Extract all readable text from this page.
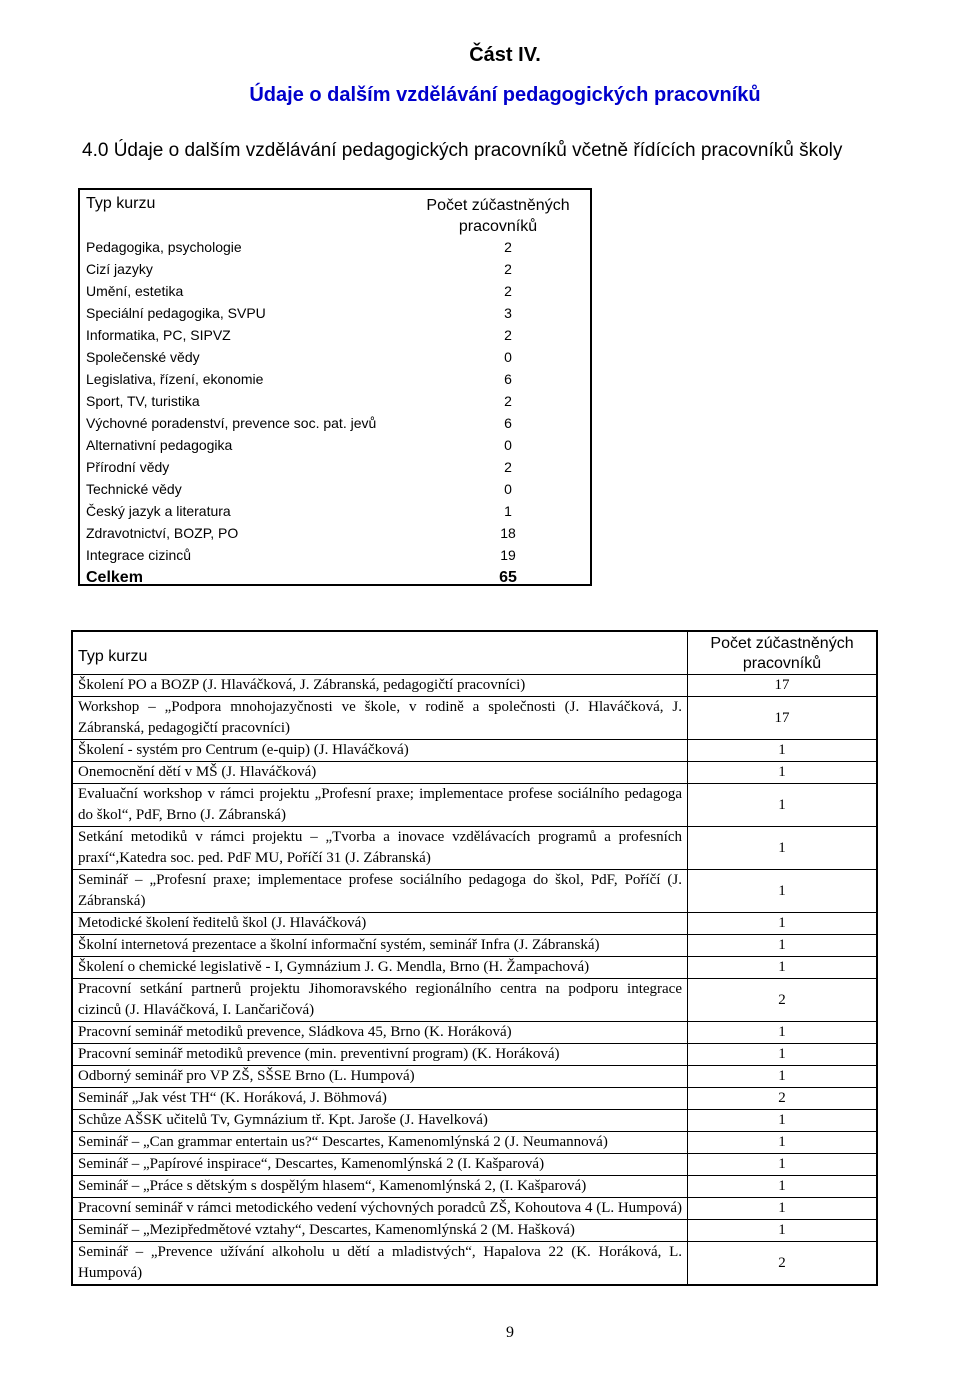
Část IV.
Údaje o dalším vzdělávání pedagogických pracovníků
4.0 Údaje o dalším vzdělávání pedagogických pracovníků včetně řídících pracovníků školy
Typ kurzu	Počet zúčastněných pracovníků
Pedagogika, psychologie	2
Cizí jazyky	2
Umění, estetika	2
Speciální pedagogika, SVPU	3
Informatika, PC, SIPVZ	2
Společenské vědy	0
Legislativa, řízení, ekonomie	6
Sport, TV, turistika	2
Výchovné poradenství, prevence soc. pat. jevů	6
Alternativní pedagogika	0
Přírodní vědy	2
Technické vědy	0
Český jazyk a literatura	1
Zdravotnictví, BOZP, PO	18
Integrace cizinců	19
Celkem	65
Typ kurzu	Počet zúčastněných pracovníků
Školení PO a BOZP (J. Hlaváčková, J. Zábranská, pedagogičtí pracovníci)	17
Workshop – „Podpora mnohojazyčnosti ve škole, v rodině a společnosti (J. Hlaváčková, J. Zábranská, pedagogičtí pracovníci)	17
Školení - systém pro Centrum (e-quip) (J. Hlaváčková)	1
Onemocnění dětí v MŠ (J. Hlaváčková)	1
Evaluační workshop v rámci projektu „Profesní praxe; implementace profese sociálního pedagoga do škol“, PdF, Brno (J. Zábranská)	1
Setkání metodiků v rámci projektu – „Tvorba a inovace vzdělávacích programů a profesních praxí“,Katedra soc. ped. PdF MU, Poříčí 31 (J. Zábranská)	1
Seminář – „Profesní praxe; implementace profese sociálního pedagoga do škol, PdF, Poříčí (J. Zábranská)	1
Metodické školení ředitelů škol (J. Hlaváčková)	1
Školní internetová prezentace a školní informační systém, seminář Infra (J. Zábranská)	1
Školení o chemické legislativě - I, Gymnázium J. G. Mendla, Brno (H. Žampachová)	1
Pracovní setkání partnerů projektu Jihomoravského regionálního centra na podporu integrace cizinců (J. Hlaváčková, I. Lančaričová)	2
Pracovní seminář metodiků prevence, Sládkova 45, Brno (K. Horáková)	1
Pracovní seminář metodiků prevence (min. preventivní program) (K. Horáková)	1
Odborný seminář pro VP ZŠ, SŠSE Brno (L. Humpová)	1
Seminář „Jak vést TH“ (K. Horáková, J. Böhmová)	2
Schůze AŠSK učitelů Tv, Gymnázium tř. Kpt. Jaroše (J. Havelková)	1
Seminář – „Can grammar entertain us?“ Descartes, Kamenomlýnská 2 (J. Neumannová)	1
Seminář – „Papírové inspirace“, Descartes, Kamenomlýnská 2 (I. Kašparová)	1
Seminář – „Práce s dětským s dospělým hlasem“, Kamenomlýnská 2, (I. Kašparová)	1
Pracovní seminář v rámci metodického vedení výchovných poradců ZŠ, Kohoutova 4 (L. Humpová)	1
Seminář – „Mezipředmětové vztahy“, Descartes, Kamenomlýnská 2 (M. Hašková)	1
Seminář – „Prevence užívání alkoholu u dětí a mladistvých“, Hapalova 22 (K. Horáková, L. Humpová)	2
9
